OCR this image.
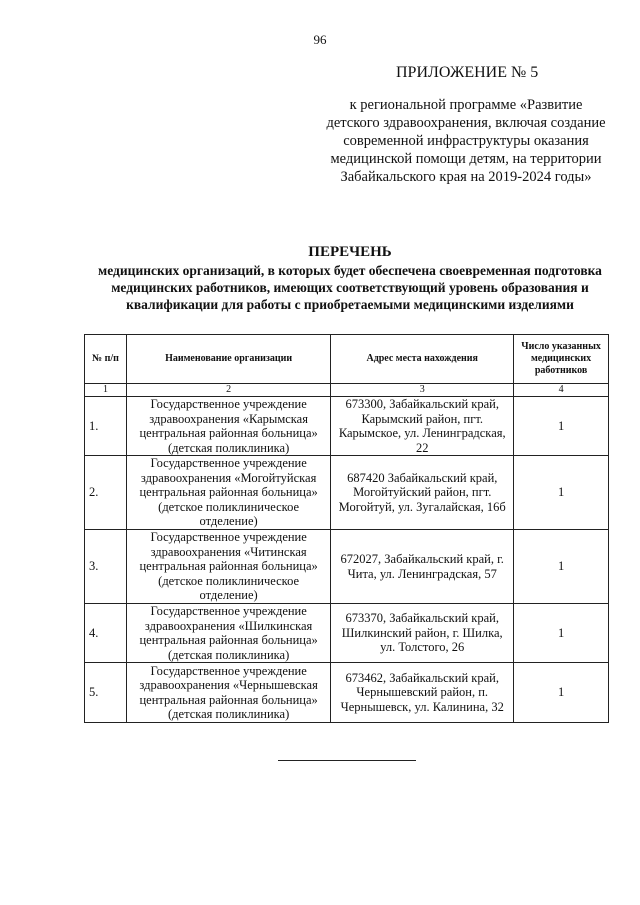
96
ПРИЛОЖЕНИЕ № 5
к региональной программе «Развитие детского здравоохранения, включая создание современной инфраструктуры оказания медицинской помощи детям, на территории Забайкальского края на 2019-2024 годы»
ПЕРЕЧЕНЬ
медицинских организаций, в которых будет обеспечена своевременная подготовка медицинских работников, имеющих соответствующий уровень образования и квалификации для работы с приобретаемыми медицинскими изделиями
№ п/п	Наименование организации	Адрес места нахождения	Число указанных медицинских работников
1	2	3	4
1.	Государственное учреждение здравоохранения «Карымская центральная районная больница» (детская поликлиника)	673300, Забайкальский край, Карымский район, пгт. Карымское, ул. Ленинградская, 22	1
2.	Государственное учреждение здравоохранения «Могойтуйская центральная районная больница» (детское поликлиническое отделение)	687420 Забайкальский край, Могойтуйский район, пгт. Могойтуй, ул. Зугалайская, 16б	1
3.	Государственное учреждение здравоохранения «Читинская центральная районная больница» (детское поликлиническое отделение)	672027, Забайкальский край, г. Чита, ул. Ленинградская, 57	1
4.	Государственное учреждение здравоохранения «Шилкинская центральная районная больница» (детская поликлиника)	673370, Забайкальский край, Шилкинский район, г. Шилка, ул. Толстого, 26	1
5.	Государственное учреждение здравоохранения «Чернышевская центральная районная больница» (детская поликлиника)	673462, Забайкальский край, Чернышевский район, п. Чернышевск, ул. Калинина, 32	1
